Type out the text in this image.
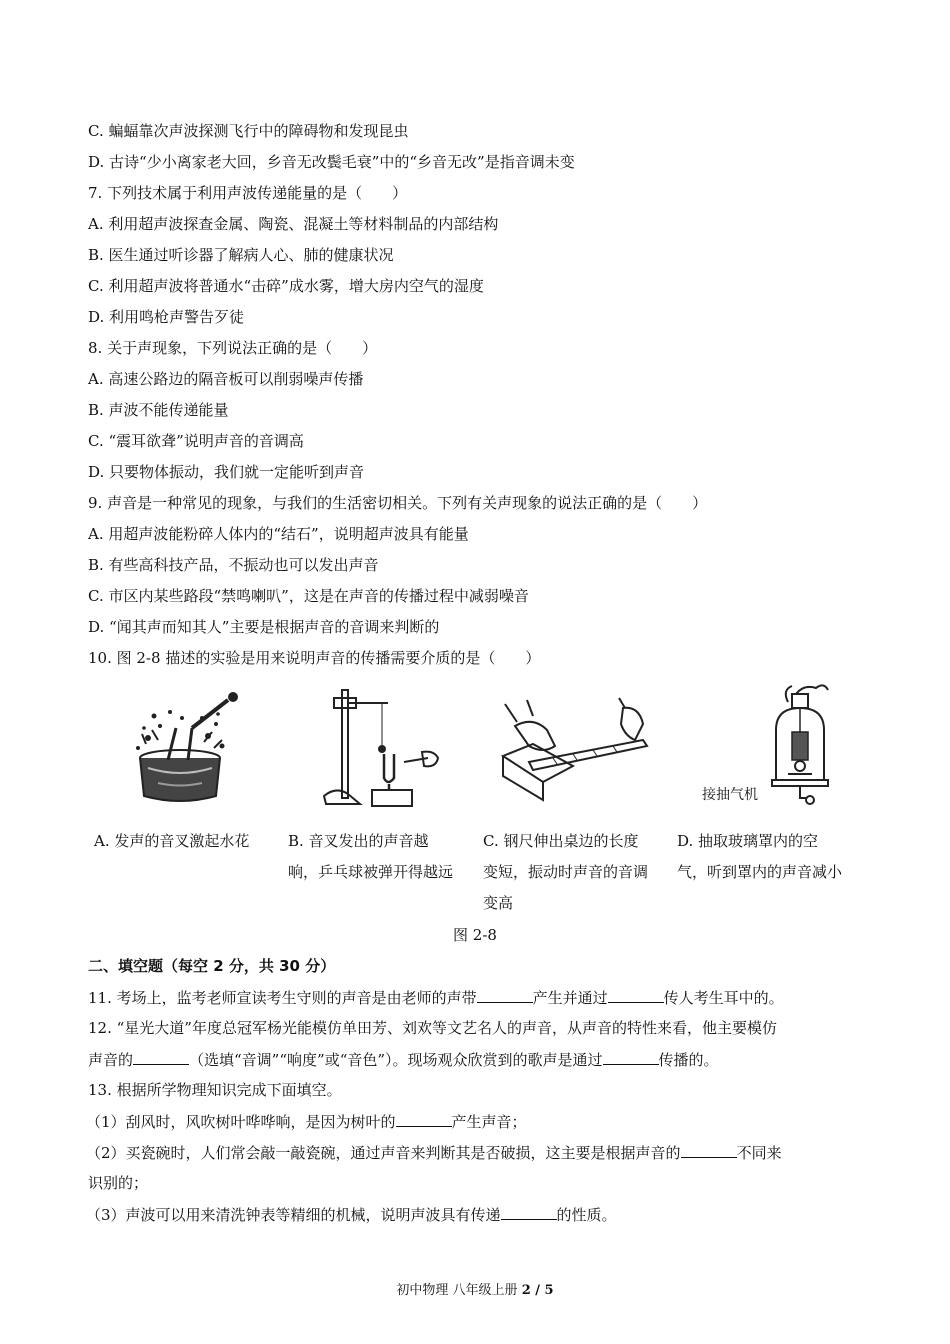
C. 蝙蝠靠次声波探测飞行中的障碍物和发现昆虫
D. 古诗“少小离家老大回，乡音无改鬓毛衰”中的“乡音无改”是指音调未变
7. 下列技术属于利用声波传递能量的是（　　）
A. 利用超声波探查金属、陶瓷、混凝土等材料制品的内部结构
B. 医生通过听诊器了解病人心、肺的健康状况
C. 利用超声波将普通水“击碎”成水雾，增大房内空气的湿度
D. 利用鸣枪声警告歹徒
8. 关于声现象，下列说法正确的是（　　）
A. 高速公路边的隔音板可以削弱噪声传播
B. 声波不能传递能量
C. “震耳欲聋”说明声音的音调高
D. 只要物体振动，我们就一定能听到声音
9. 声音是一种常见的现象，与我们的生活密切相关。下列有关声现象的说法正确的是（　　）
A. 用超声波能粉碎人体内的“结石”，说明超声波具有能量
B. 有些高科技产品，不振动也可以发出声音
C. 市区内某些路段“禁鸣喇叭”，这是在声音的传播过程中减弱噪音
D. “闻其声而知其人”主要是根据声音的音调来判断的
10. 图 2-8 描述的实验是用来说明声音的传播需要介质的是（　　）
接抽气机
A. 发声的音叉激起水花	B. 音叉发出的声音越
响，乒乓球被弹开得越远
C. 钢尺伸出桌边的长度
变短，振动时声音的音调
变高
D. 抽取玻璃罩内的空
气，听到罩内的声音减小
图 2-8
二、填空题（每空 2 分，共 30 分）
11. 考场上，监考老师宣读考生守则的声音是由老师的声带	产生并通过	传人考生耳中的。
12. “星光大道”年度总冠军杨光能模仿单田芳、刘欢等文艺名人的声音，从声音的特性来看，他主要模仿
声音的	（选填“音调”“响度”或“音色”）。现场观众欣赏到的歌声是通过	传播的。
13. 根据所学物理知识完成下面填空。
（1）刮风时，风吹树叶哗哗响，是因为树叶的	产生声音；
（2）买瓷碗时，人们常会敲一敲瓷碗，通过声音来判断其是否破损，这主要是根据声音的	不同来
识别的；
（3）声波可以用来清洗钟表等精细的机械，说明声波具有传递	的性质。
初中物理 八年级上册 2 / 5
